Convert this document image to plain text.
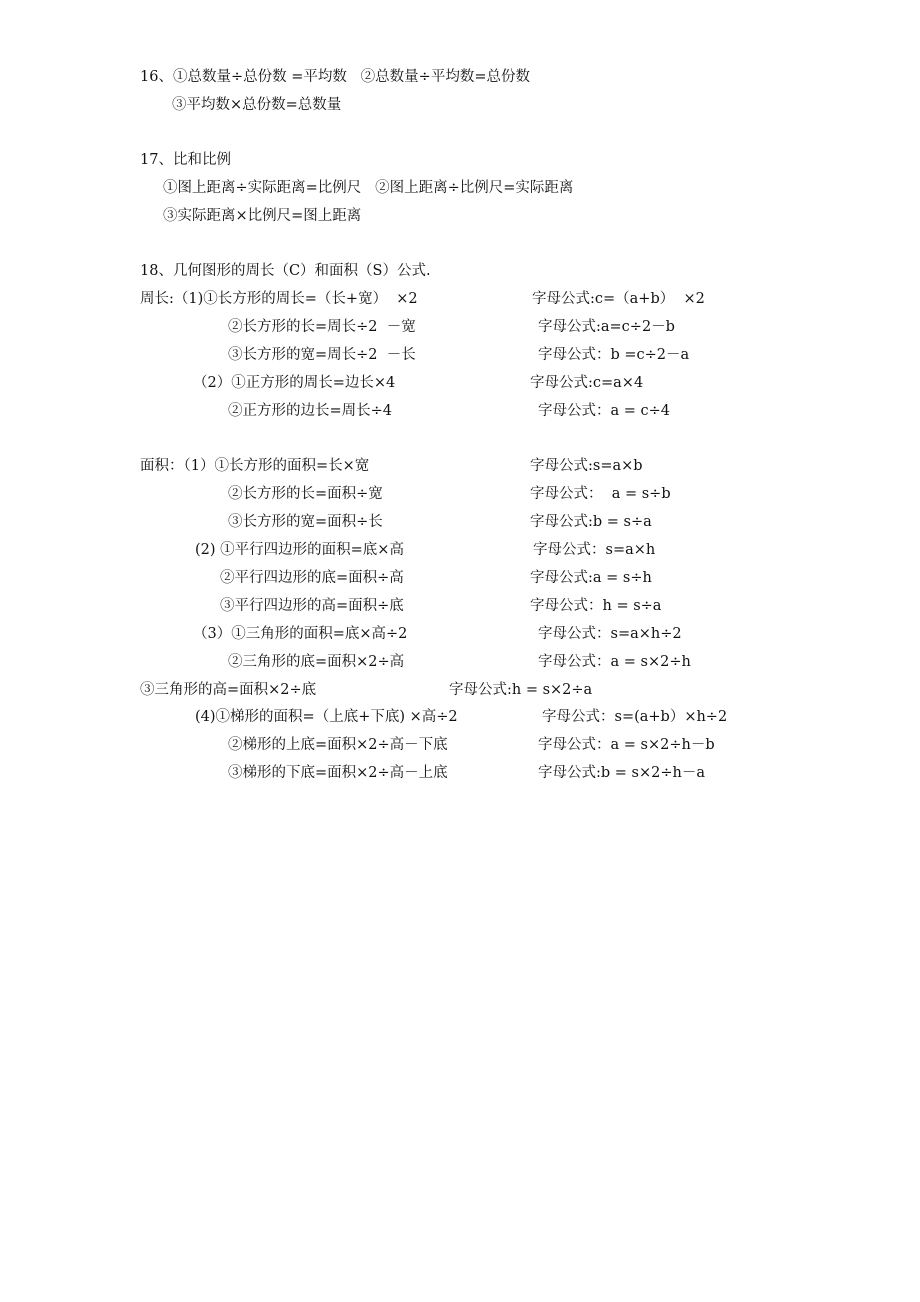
16、①总数量÷总份数 =平均数   ②总数量÷平均数=总份数
③平均数×总份数=总数量
17、比和比例
①图上距离÷实际距离=比例尺   ②图上距离÷比例尺=实际距离
③实际距离×比例尺=图上距离
18、几何图形的周长（C）和面积（S）公式.
周长:（1)①长方形的周长=（长+宽）  ×2	字母公式:c=（a+b）  ×2
②长方形的长=周长÷2  －宽	字母公式:a=c÷2－b
③长方形的宽=周长÷2  －长	字母公式：b =c÷2－a
（2）①正方形的周长=边长×4	字母公式:c=a×4
②正方形的边长=周长÷4	字母公式：a = c÷4
面积：（1）①长方形的面积=长×宽	字母公式:s=a×b
②长方形的长=面积÷宽	字母公式：  a = s÷b
③长方形的宽=面积÷长	字母公式:b = s÷a
(2) ①平行四边形的面积=底×高	字母公式：s=a×h
②平行四边形的底=面积÷高	字母公式:a = s÷h
③平行四边形的高=面积÷底	字母公式：h = s÷a
（3）①三角形的面积=底×高÷2	字母公式：s=a×h÷2
②三角形的底=面积×2÷高	字母公式：a = s×2÷h
③三角形的高=面积×2÷底	字母公式:h = s×2÷a
(4)①梯形的面积=（上底+下底) ×高÷2	字母公式：s=(a+b）×h÷2
②梯形的上底=面积×2÷高－下底	字母公式：a = s×2÷h－b
③梯形的下底=面积×2÷高－上底	字母公式:b = s×2÷h－a
